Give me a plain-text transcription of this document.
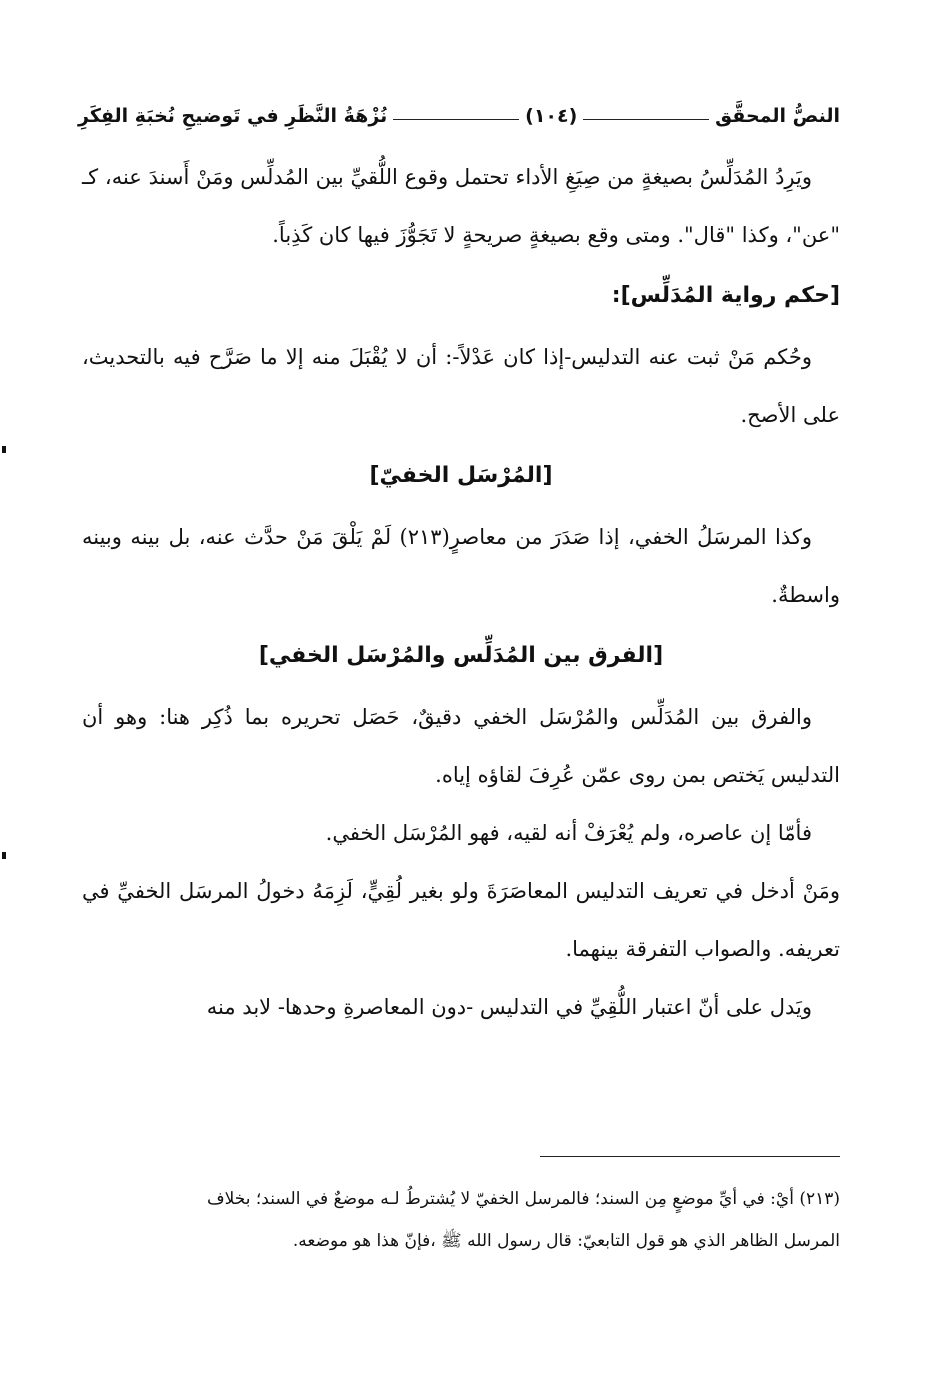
النصُّ المحقَّق
(١٠٤)
نُزْهَةُ النَّظَرِ في تَوضيحِ نُخبَةِ الفِكَرِ

ويَرِدُ المُدَلِّسُ بصيغةٍ من صِيَغِ الأداء تحتمل وقوع اللُّقيِّ بين المُدلِّس ومَنْ أَسندَ عنه، كـ "عن"، وكذا "قال". ومتى وقع بصيغةٍ صريحةٍ لا تَجَوُّزَ فيها كان كَذِباً.

[حكم رواية المُدَلِّس]:

وحُكم مَنْ ثبت عنه التدليس-إذا كان عَدْلاً-: أن لا يُقْبَلَ منه إلا ما صَرَّح فيه بالتحديث، على الأصح.

[المُرْسَل الخفيّ]

وكذا المرسَلُ الخفي، إذا صَدَرَ من معاصرٍ(٢١٣) لَمْ يَلْقَ مَنْ حدَّث عنه، بل بينه وبينه واسطةٌ.

[الفرق بين المُدَلِّس والمُرْسَل الخفي]

والفرق بين المُدَلِّس والمُرْسَل الخفي دقيقٌ، حَصَل تحريره بما ذُكِر هنا: وهو أن التدليس يَختص بمن روى عمّن عُرِفَ لقاؤه إياه.

فأمّا إن عاصره، ولم يُعْرَفْ أنه لقيه، فهو المُرْسَل الخفي.

ومَنْ أدخل في تعريف التدليس المعاصَرَةَ ولو بغير لُقِيٍّ، لَزِمَهُ دخولُ المرسَل الخفيِّ في تعريفه. والصواب التفرقة بينهما.

ويَدل على أنّ اعتبار اللُّقِيِّ في التدليس -دون المعاصرةِ وحدها- لابد منه

(٢١٣) أيْ: في أيِّ موضعٍ مِن السند؛ فالمرسل الخفيّ لا يُشترطُ لـه موضعٌ في السند؛ بخلاف

المرسل الظاهر الذي هو قول التابعيّ: قال رسول الله ﷺ ،فإنّ هذا هو موضعه.
